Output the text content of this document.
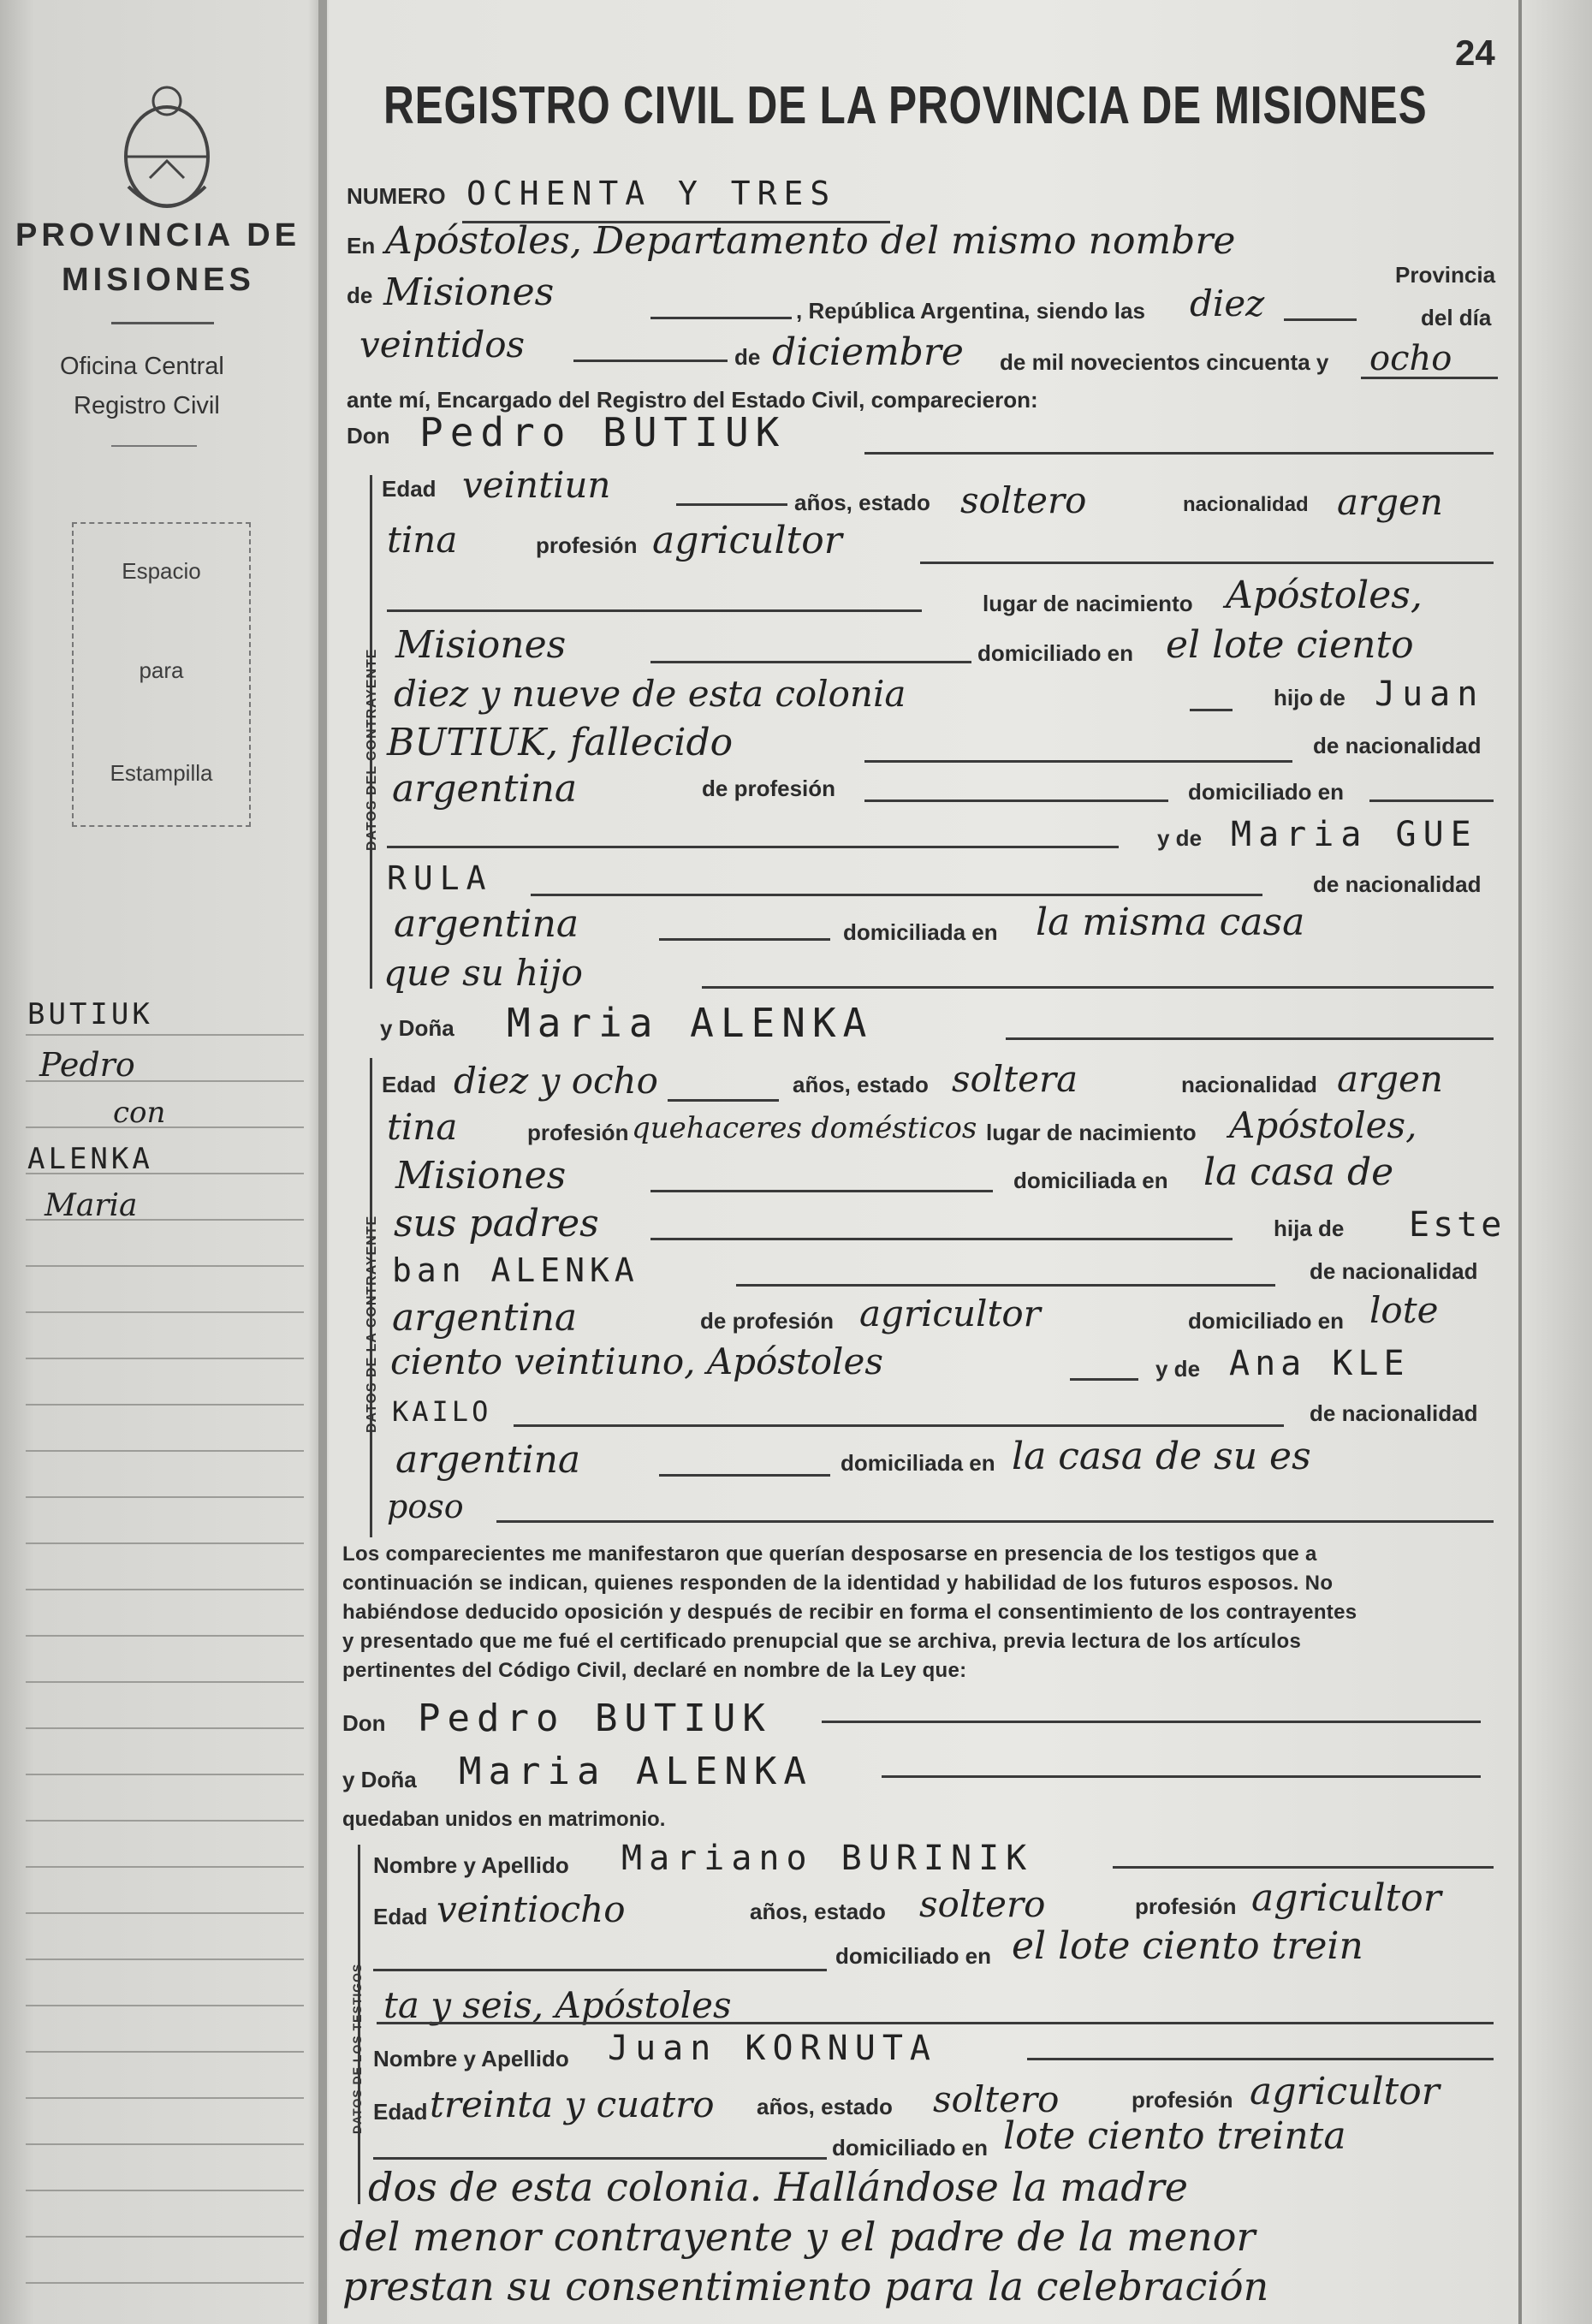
PROVINCIA DE
MISIONES
Oficina Central
Registro Civil
Espacio
para
Estampilla
BUTIUK
Pedro
con
ALENKA
Maria
24
REGISTRO CIVIL DE LA PROVINCIA DE MISIONES
NUMERO OCHENTA Y TRES
En Apóstoles, Departamento del mismo nombre
Provincia
de Misiones	, República Argentina, siendo las diez	del día
veintidos	de diciembre de mil novecientos cincuenta y ocho
ante mí, Encargado del Registro del Estado Civil, comparecieron:
Don Pedro BUTIUK
DATOS DEL CONTRAYENTE
Edad veintiun	años, estado soltero	nacionalidad argen
tina	profesión agricultor
lugar de nacimiento Apóstoles,
Misiones	domiciliado en el lote ciento
diez y nueve de esta colonia	hijo de Juan
BUTIUK, fallecido	de nacionalidad
argentina	de profesión	domiciliado en
y de Maria GUE
RULA	de nacionalidad
argentina	domiciliada en la misma casa
que su hijo
y Doña Maria ALENKA
DATOS DE LA CONTRAYENTE
Edad diez y ocho	años, estado soltera	nacionalidad argen
tina	profesión quehaceres domésticos lugar de nacimiento Apóstoles,
Misiones	domiciliada en la casa de
sus padres	hija de Este
ban ALENKA	de nacionalidad
argentina	de profesión agricultor	domiciliado en lote
ciento veintiuno, Apóstoles	y de Ana KLE
KAILO	de nacionalidad
argentina	domiciliada en la casa de su es
poso
Los comparecientes me manifestaron que querían desposarse en presencia de los testigos que a
continuación se indican, quienes responden de la identidad y habilidad de los futuros esposos. No
habiéndose deducido oposición y después de recibir en forma el consentimiento de los contrayentes
y presentado que me fué el certificado prenupcial que se archiva, previa lectura de los artículos
pertinentes del Código Civil, declaré en nombre de la Ley que:
Don Pedro BUTIUK
y Doña Maria ALENKA
quedaban unidos en matrimonio.
DATOS DE LOS TESTIGOS
Nombre y Apellido Mariano BURINIK
Edad veintiocho	años, estado soltero	profesión agricultor
domiciliado en el lote ciento trein
ta y seis, Apóstoles
Nombre y Apellido Juan KORNUTA
Edad treinta y cuatro años, estado soltero	profesión agricultor
domiciliado en lote ciento treinta
dos de esta colonia. Hallándose la madre
del menor contrayente y el padre de la menor
prestan su consentimiento para la celebración
